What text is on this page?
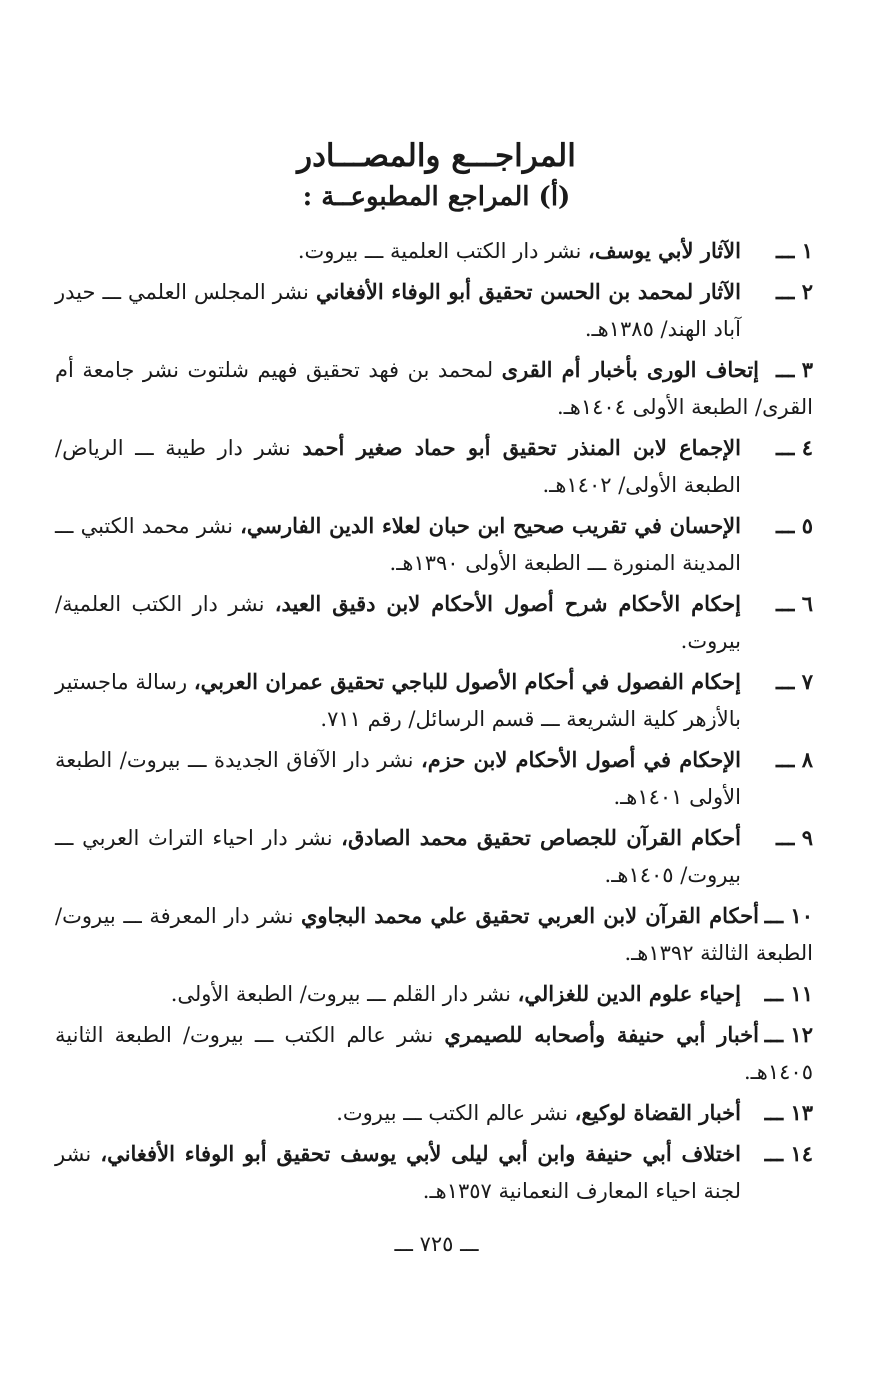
المراجـــع والمصـــادر
(أ) المراجع المطبوعــة :
١ ـــ
الآثار لأبي يوسف، نشر دار الكتب العلمية ـــ بيروت.
٢ ـــ
الآثار لمحمد بن الحسن تحقيق أبو الوفاء الأفغاني نشر المجلس العلمي ـــ حيدر آباد الهند/ ١٣٨٥هـ.
٣ ـــإتحاف الورى بأخبار أم القرى لمحمد بن فهد تحقيق فهيم شلتوت نشر جامعة أم القرى/ الطبعة الأولى ١٤٠٤هـ.
٤ ـــ
الإجماع لابن المنذر تحقيق أبو حماد صغير أحمد نشر دار طيبة ـــ الرياض/ الطبعة الأولى/ ١٤٠٢هـ.
٥ ـــ
الإحسان في تقريب صحيح ابن حبان لعلاء الدين الفارسي، نشر محمد الكتبي ـــ المدينة المنورة ـــ الطبعة الأولى ١٣٩٠هـ.
٦ ـــ
إحكام الأحكام شرح أصول الأحكام لابن دقيق العيد، نشر دار الكتب العلمية/ بيروت.
٧ ـــ
إحكام الفصول في أحكام الأصول للباجي تحقيق عمران العربي، رسالة ماجستير بالأزهر كلية الشريعة ـــ قسم الرسائل/ رقم ٧١١.
٨ ـــ
الإحكام في أصول الأحكام لابن حزم، نشر دار الآفاق الجديدة ـــ بيروت/ الطبعة الأولى ١٤٠١هـ.
٩ ـــ
أحكام القرآن للجصاص تحقيق محمد الصادق، نشر دار احياء التراث العربي ـــ بيروت/ ١٤٠٥هـ.
١٠ ـــأحكام القرآن لابن العربي تحقيق علي محمد البجاوي نشر دار المعرفة ـــ بيروت/ الطبعة الثالثة ١٣٩٢هـ.
١١ ـــ
إحياء علوم الدين للغزالي، نشر دار القلم ـــ بيروت/ الطبعة الأولى.
١٢ ـــأخبار أبي حنيفة وأصحابه للصيمري نشر عالم الكتب ـــ بيروت/ الطبعة الثانية ١٤٠٥هـ.
١٣ ـــ
أخبار القضاة لوكيع، نشر عالم الكتب ـــ بيروت.
١٤ ـــ
اختلاف أبي حنيفة وابن أبي ليلى لأبي يوسف تحقيق أبو الوفاء الأفغاني، نشر لجنة احياء المعارف النعمانية ١٣٥٧هـ.

ـــ ٧٢٥ ـــ
